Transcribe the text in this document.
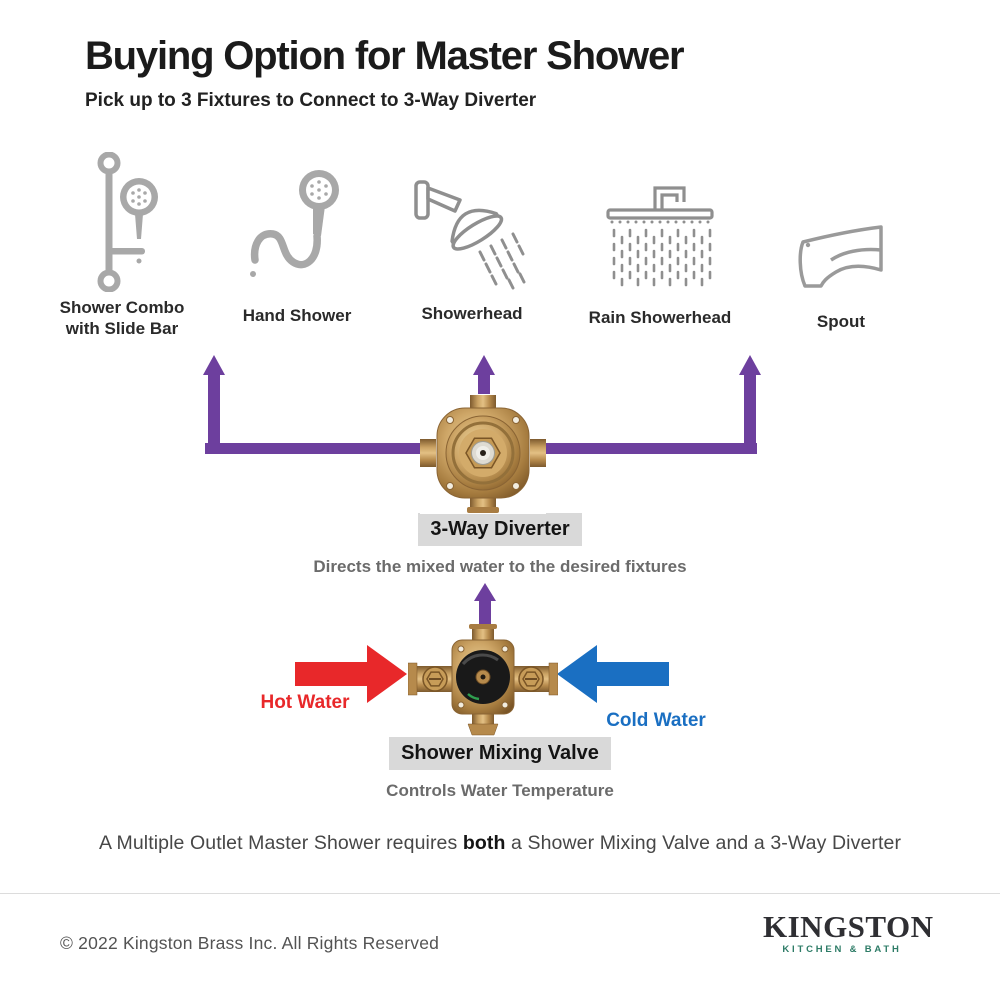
Buying Option for Master Shower
Pick up to 3 Fixtures to Connect to 3-Way Diverter
Shower Combo with Slide Bar
Hand Shower	Showerhead	Rain Showerhead	Spout
3-Way Diverter
Directs the mixed water to the desired fixtures
Hot Water
Cold Water
Shower Mixing Valve
Controls Water Temperature
A Multiple Outlet Master Shower requires both a Shower Mixing Valve and a 3-Way Diverter
© 2022 Kingston Brass Inc. All Rights Reserved	KINGSTON
KITCHEN & BATH
